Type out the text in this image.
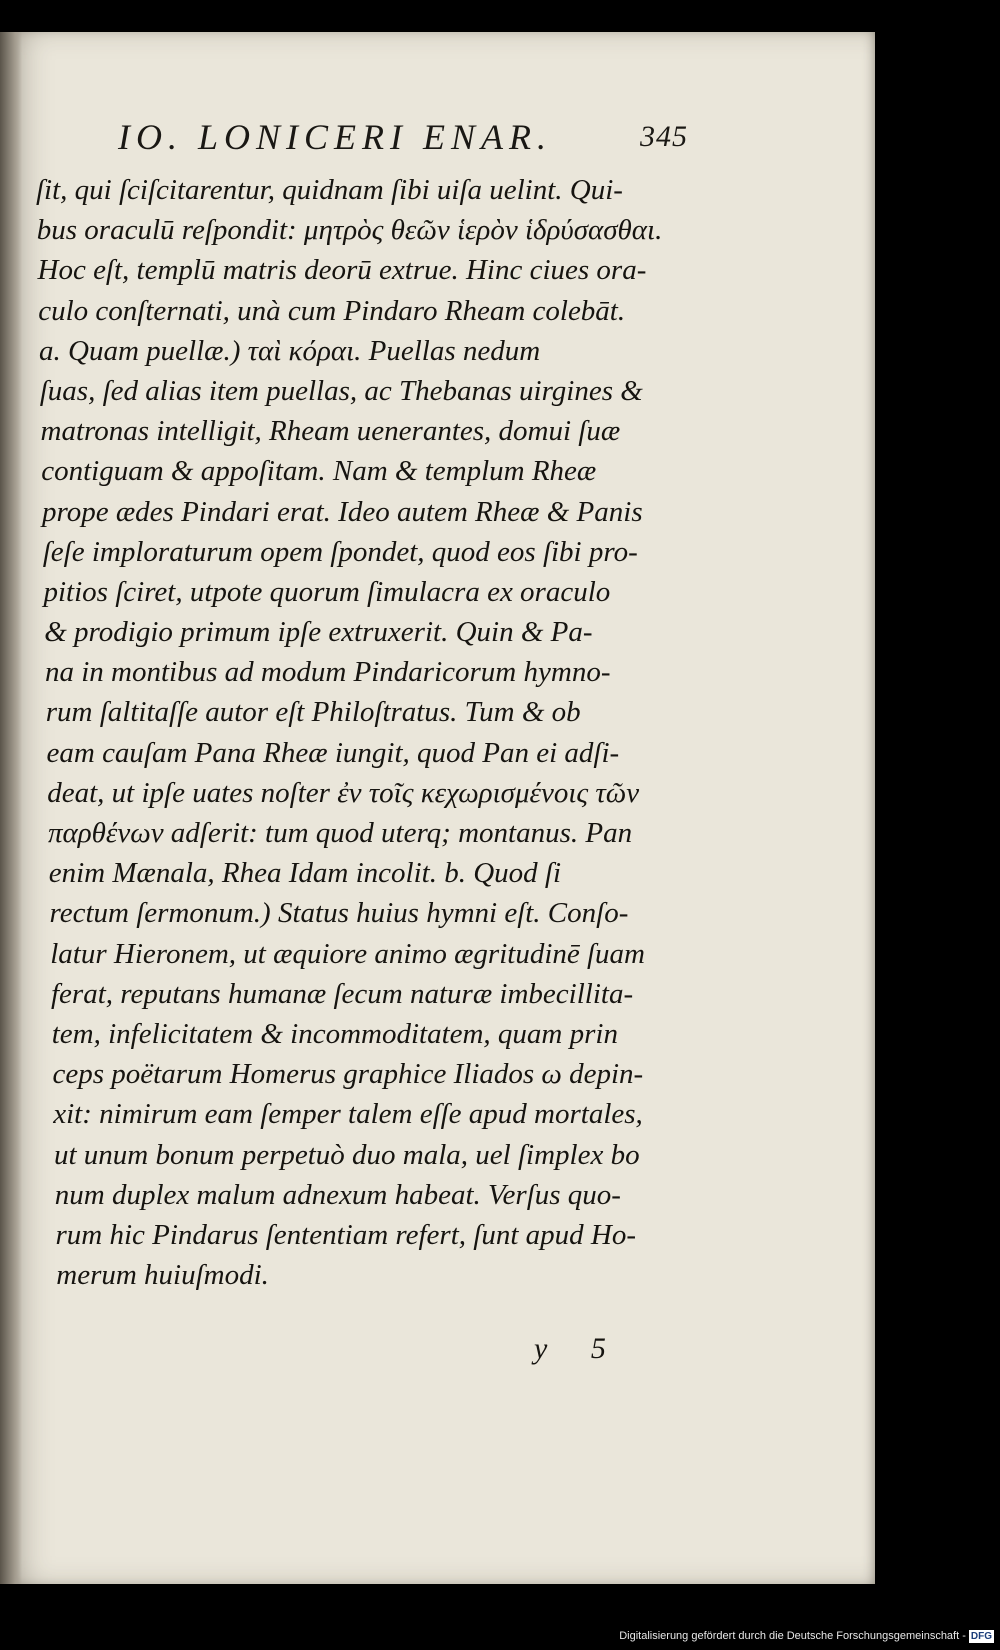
IO. LONICERI ENAR.	345
ſit, qui ſciſcitarentur, quidnam ſibi uiſa uelint. Qui-
bus oraculū reſpondit: μητρὸς θεῶν ἱερὸν ἱδρύσασθαι.
Hoc eſt, templū matris deorū extrue. Hinc ciues ora-
culo conſternati, unà cum Pindaro Rheam colebāt.
a. Quam puellæ.) ταὶ κόραι. Puellas nedum
ſuas, ſed alias item puellas, ac Thebanas uirgines &
matronas intelligit, Rheam uenerantes, domui ſuæ
contiguam & appoſitam. Nam & templum Rheæ
prope ædes Pindari erat. Ideo autem Rheæ & Panis
ſeſe imploraturum opem ſpondet, quod eos ſibi pro-
pitios ſciret, utpote quorum ſimulacra ex oraculo
& prodigio primum ipſe extruxerit. Quin & Pa-
na in montibus ad modum Pindaricorum hymno-
rum ſaltitaſſe autor eſt Philoſtratus. Tum & ob
eam cauſam Pana Rheæ iungit, quod Pan ei adſi-
deat, ut ipſe uates noſter ἐν τοῖς κεχωρισμένοις τῶν
παρθένων adſerit: tum quod uterq; montanus. Pan
enim Mænala, Rhea Idam incolit. b. Quod ſi
rectum ſermonum.) Status huius hymni eſt. Conſo-
latur Hieronem, ut æquiore animo ægritudinē ſuam
ferat, reputans humanæ ſecum naturæ imbecillita-
tem, infelicitatem & incommoditatem, quam prin
ceps poëtarum Homerus graphice Iliados ω depin-
xit: nimirum eam ſemper talem eſſe apud mortales,
ut unum bonum perpetuò duo mala, uel ſimplex bo
num duplex malum adnexum habeat. Verſus quo-
rum hic Pindarus ſententiam refert, ſunt apud Ho-
merum huiuſmodi.
y 5
Digitalisierung gefördert durch die Deutsche Forschungsgemeinschaft - DFG
